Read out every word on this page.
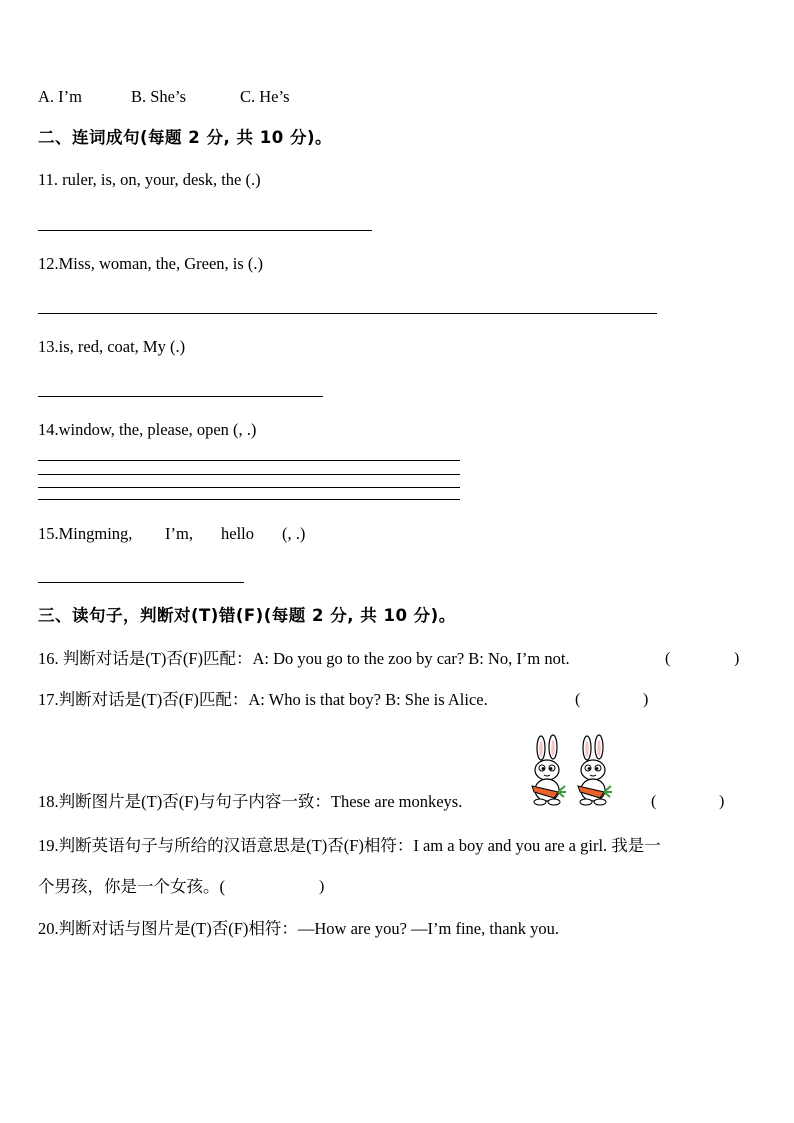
A. I’m	B. She’s	C. He’s
二、连词成句(每题 2 分, 共 10 分)。
11. ruler, is, on, your, desk, the (.)
12.Miss, woman, the, Green, is (.)
13.is, red, coat, My (.)
14.window, the, please, open (, .)
15.Mingming, I’m, hello (, .)
三、读句子，判断对(T)错(F)(每题 2 分, 共 10 分)。
16. 判断对话是(T)否(F)匹配：A: Do you go to the zoo by car? B: No, I’m not.	(	)
17.判断对话是(T)否(F)匹配：A: Who is that boy? B: She is Alice.	(	)
18.判断图片是(T)否(F)与句子内容一致：These are monkeys.	(	)
19.判断英语句子与所给的汉语意思是(T)否(F)相符：I am a boy and you are a girl. 我是一
个男孩，你是一个女孩。(	)
20.判断对话与图片是(T)否(F)相符：—How are you? —I’m fine, thank you.
